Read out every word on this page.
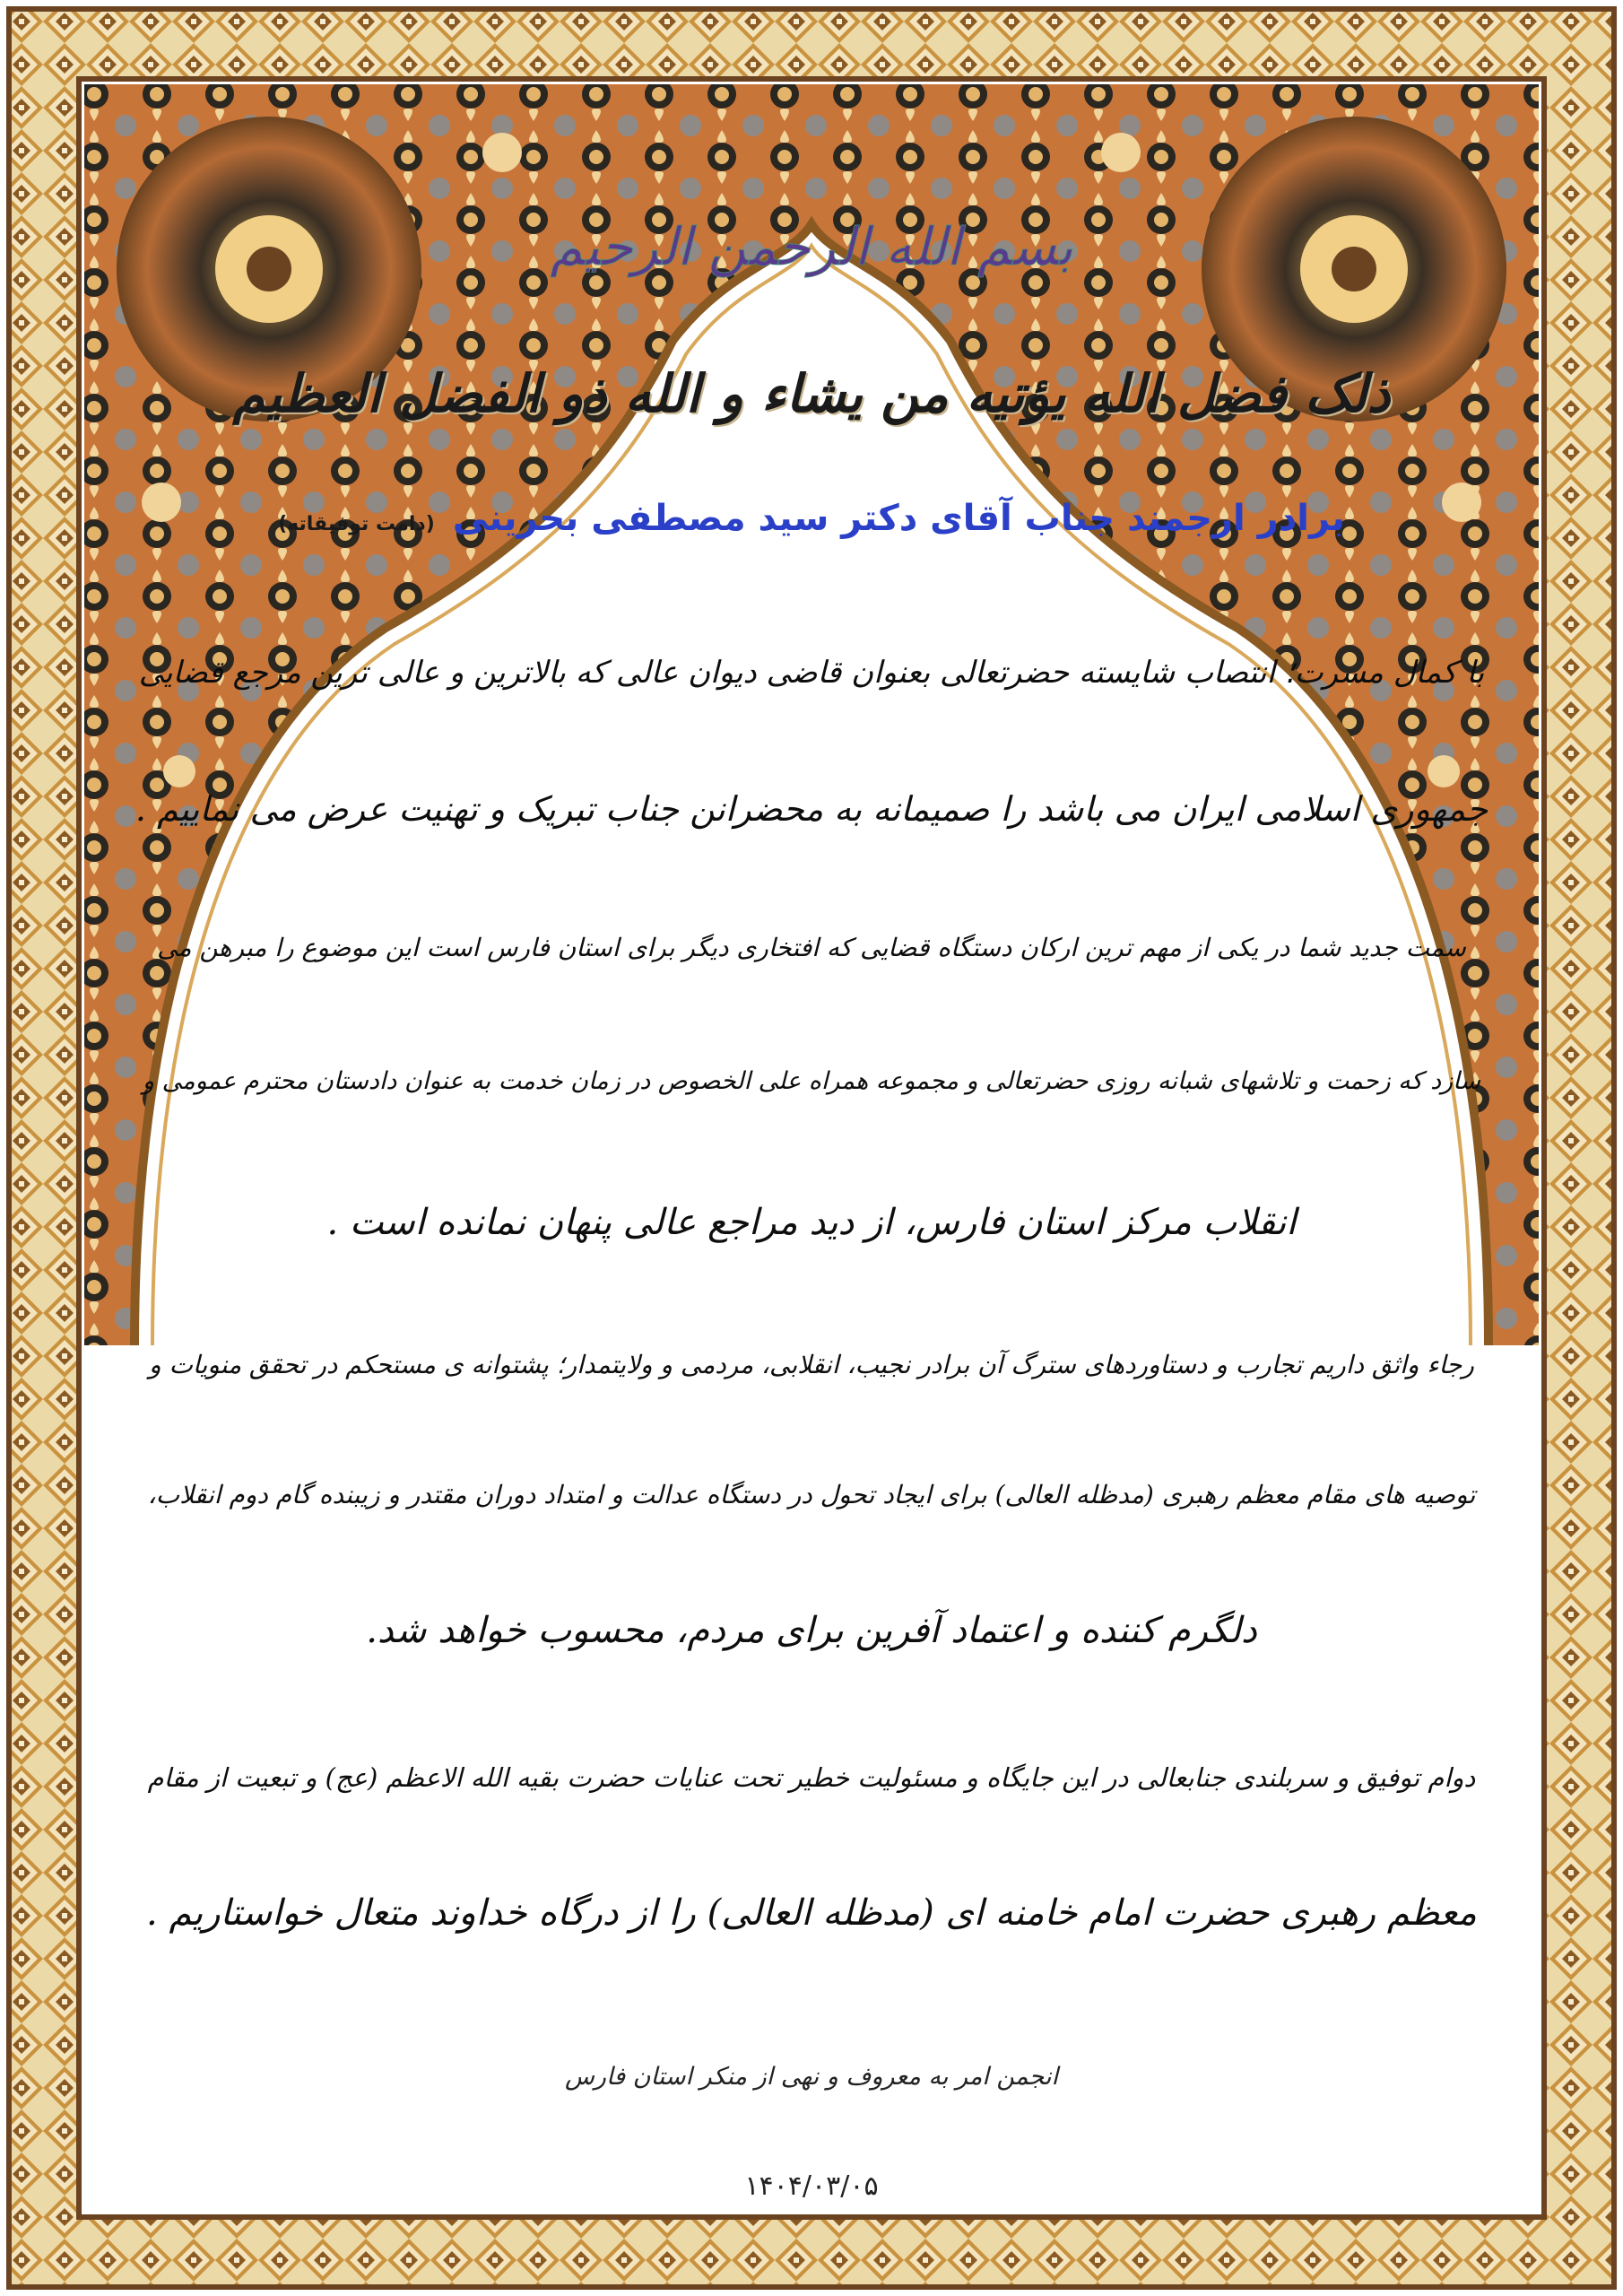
بسم الله الرحمن الرحیم
ذلک فضل الله یؤتیه من یشاء و الله ذو الفضل العظیم
برادر ارجمند جناب آقای دکتر سید مصطفی بحرینی (دامت توفیقاته)
با کمال مسرت؛ انتصاب شایسته حضرتعالی بعنوان قاضی دیوان عالی که بالاترین و عالی ترین مرجع قضایی
جمهوری اسلامی ایران می باشد را صمیمانه به محضرانن جناب تبریک و تهنیت عرض می نماییم .
سمت جدید شما در یکی از مهم ترین ارکان دستگاه قضایی که افتخاری دیگر برای استان فارس است این موضوع را مبرهن می
سازد که زحمت و تلاشهای شبانه روزی حضرتعالی و مجموعه همراه علی الخصوص در زمان خدمت به عنوان دادستان محترم عمومی و
انقلاب مرکز استان فارس، از دید مراجع عالی پنهان نمانده است .
رجاء واثق داریم تجارب و دستاوردهای سترگ آن برادر نجیب، انقلابی، مردمی و ولایتمدار؛ پشتوانه ی مستحکم در تحقق منویات و
توصیه های مقام معظم رهبری (مدظله العالی) برای ایجاد تحول در دستگاه عدالت و امتداد دوران مقتدر و زیبنده گام دوم انقلاب،
دلگرم کننده و اعتماد آفرین برای مردم، محسوب خواهد شد.
دوام توفیق و سربلندی جنابعالی در این جایگاه و مسئولیت خطیر تحت عنایات حضرت بقیه الله الاعظم (عج) و تبعیت از مقام
معظم رهبری حضرت امام خامنه ای (مدظله العالی) را از درگاه خداوند متعال خواستاریم .
انجمن امر به معروف و نهی از منکر استان فارس
۱۴۰۴/۰۳/۰۵
